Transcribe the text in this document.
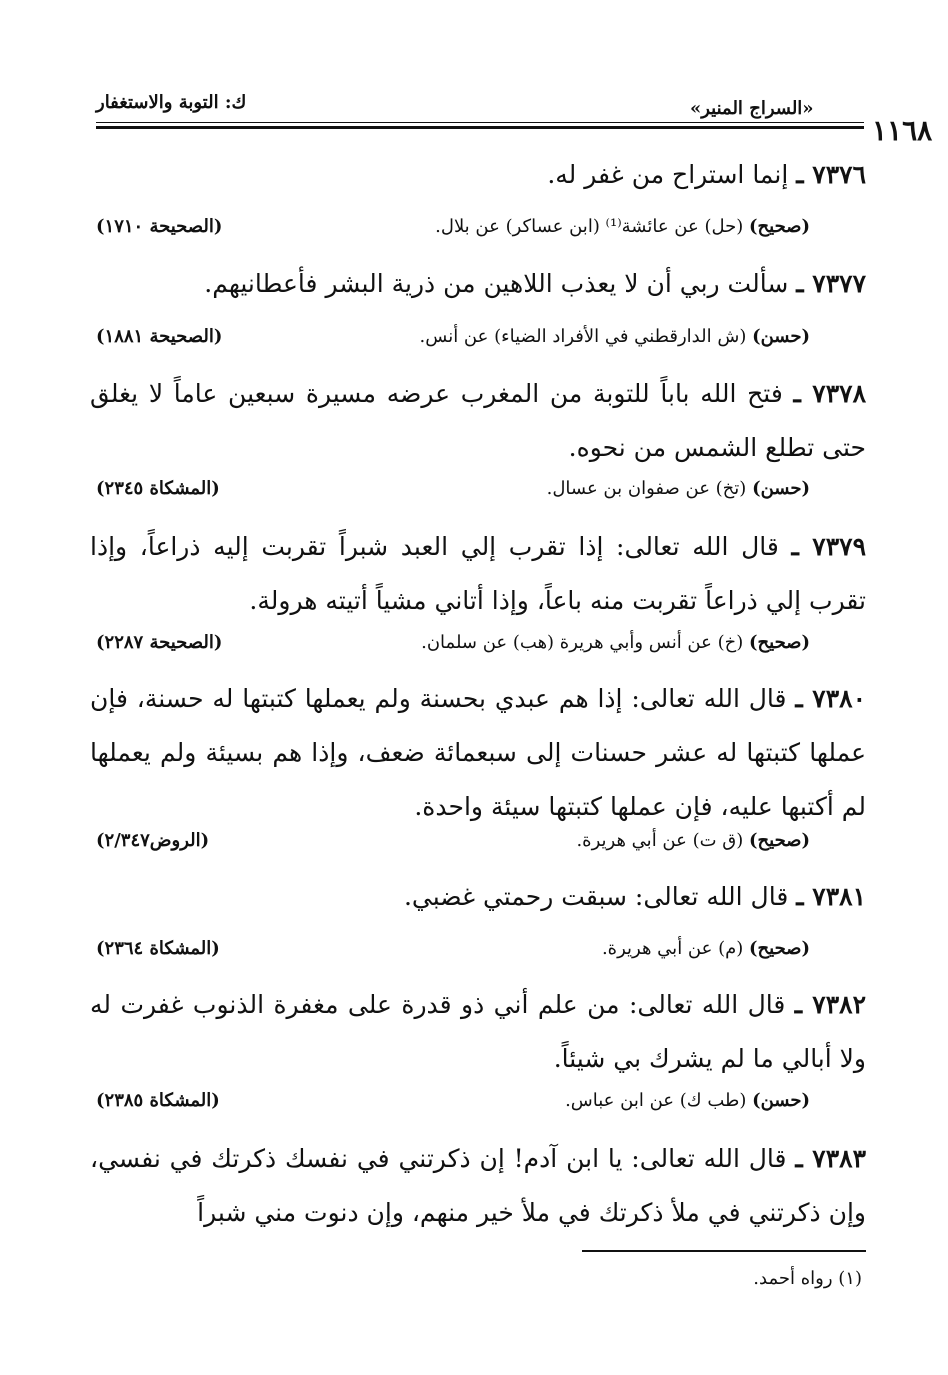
ك: التوبة والاستغفار	«السراج المنير»
١١٦٨
٧٣٧٦ ـ إنما استراح من غفر له.
(صحيح) (حل) عن عائشة⁽¹⁾ (ابن عساكر) عن بلال.
(الصحيحة ١٧١٠)
٧٣٧٧ ـ سألت ربي أن لا يعذب اللاهين من ذرية البشر فأعطانيهم.
(حسن) (ش الدارقطني في الأفراد الضياء) عن أنس.
(الصحيحة ١٨٨١)
٧٣٧٨ ـ فتح الله باباً للتوبة من المغرب عرضه مسيرة سبعين عاماً لا يغلق حتى تطلع الشمس من نحوه.
(حسن) (تخ) عن صفوان بن عسال.
(المشكاة ٢٣٤٥)
٧٣٧٩ ـ قال الله تعالى: إذا تقرب إلي العبد شبراً تقربت إليه ذراعاً، وإذا تقرب إلي ذراعاً تقربت منه باعاً، وإذا أتاني مشياً أتيته هرولة.
(صحيح) (خ) عن أنس وأبي هريرة (هب) عن سلمان.
(الصحيحة ٢٢٨٧)
٧٣٨٠ ـ قال الله تعالى: إذا هم عبدي بحسنة ولم يعملها كتبتها له حسنة، فإن عملها كتبتها له عشر حسنات إلى سبعمائة ضعف، وإذا هم بسيئة ولم يعملها لم أكتبها عليه، فإن عملها كتبتها سيئة واحدة.
(صحيح) (ق ت) عن أبي هريرة.
(الروض٢/٣٤٧)
٧٣٨١ ـ قال الله تعالى: سبقت رحمتي غضبي.
(صحيح) (م) عن أبي هريرة.
(المشكاة ٢٣٦٤)
٧٣٨٢ ـ قال الله تعالى: من علم أني ذو قدرة على مغفرة الذنوب غفرت له ولا أبالي ما لم يشرك بي شيئاً.
(حسن) (طب ك) عن ابن عباس.
(المشكاة ٢٣٨٥)
٧٣٨٣ ـ قال الله تعالى: يا ابن آدم! إن ذكرتني في نفسك ذكرتك في نفسي، وإن ذكرتني في ملأ ذكرتك في ملأ خير منهم، وإن دنوت مني شبراً
(١) رواه أحمد.
